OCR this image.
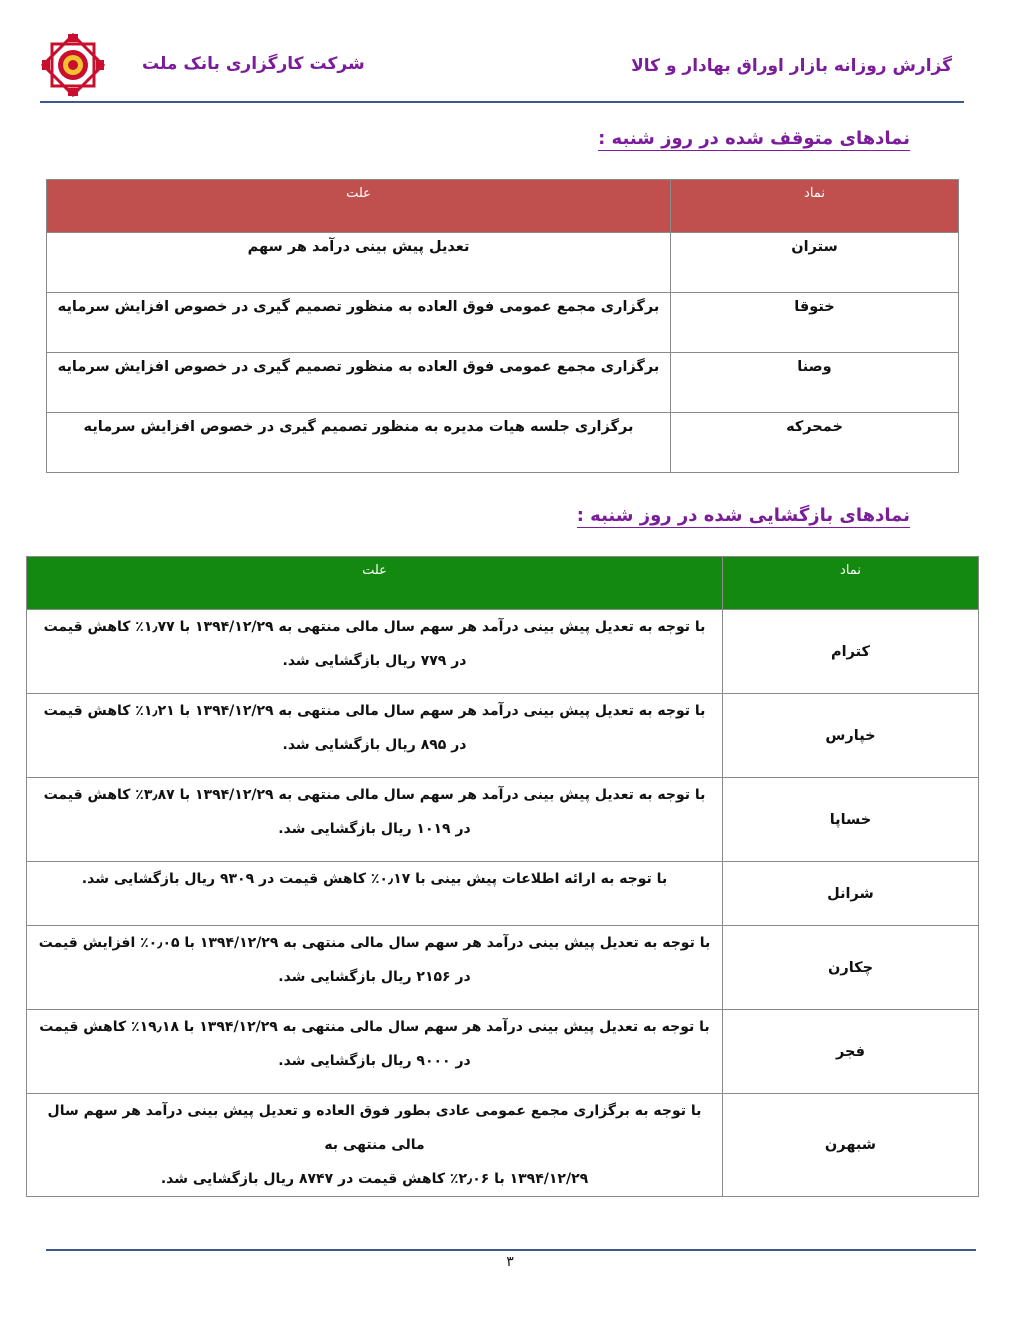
گزارش روزانه بازار اوراق بهادار و کالا
شرکت کارگزاری بانک ملت
نمادهای متوقف شده در روز شنبه :
نماد	علت
ستران	تعدیل پیش بینی درآمد هر سهم
ختوقا	برگزاری مجمع عمومی فوق العاده به منظور تصمیم گیری در خصوص افزایش سرمایه
وصنا	برگزاری مجمع عمومی فوق العاده به منظور تصمیم گیری در خصوص افزایش سرمایه
خمحرکه	برگزاری جلسه هیات مدیره به منظور تصمیم گیری در خصوص افزایش سرمایه
نمادهای بازگشایی شده در روز شنبه :
نماد	علت
کترام	با توجه به تعدیل پیش بینی درآمد هر سهم سال مالی منتهی به ۱۳۹۴/۱۲/۲۹ با ۱٫۷۷٪ کاهش قیمت
در ۷۷۹ ریال بازگشایی شد.

خپارس	با توجه به تعدیل پیش بینی درآمد هر سهم سال مالی منتهی به ۱۳۹۴/۱۲/۲۹ با ۱٫۲۱٪ کاهش قیمت
در ۸۹۵ ریال بازگشایی شد.

خساپا	با توجه به تعدیل پیش بینی درآمد هر سهم سال مالی منتهی به ۱۳۹۴/۱۲/۲۹ با ۳٫۸۷٪ کاهش قیمت
در ۱۰۱۹ ریال بازگشایی شد.

شرانل	با توجه به ارائه اطلاعات پیش بینی با ۰٫۱۷٪ کاهش قیمت در ۹۳۰۹ ریال بازگشایی شد.

چکارن	با توجه به تعدیل پیش بینی درآمد هر سهم سال مالی منتهی به ۱۳۹۴/۱۲/۲۹ با ۰٫۰۵٪ افزایش قیمت
در ۲۱۵۶ ریال بازگشایی شد.

فجر	با توجه به تعدیل پیش بینی درآمد هر سهم سال مالی منتهی به ۱۳۹۴/۱۲/۲۹ با ۱۹٫۱۸٪ کاهش قیمت
در ۹۰۰۰ ریال بازگشایی شد.

شبهرن	با توجه به برگزاری مجمع عمومی عادی بطور فوق العاده و تعدیل پیش بینی درآمد هر سهم سال مالی منتهی به
۱۳۹۴/۱۲/۲۹ با ۲٫۰۶٪ کاهش قیمت در ۸۷۴۷ ریال بازگشایی شد.
۳
